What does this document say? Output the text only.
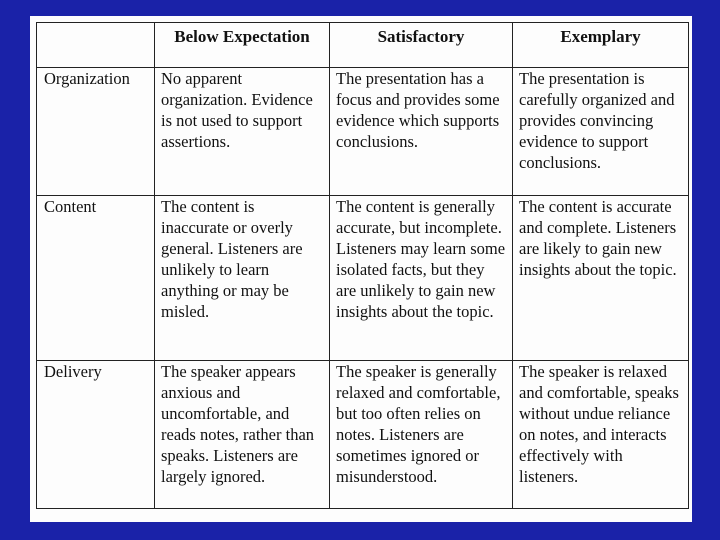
	Below Expectation	Satisfactory	Exemplary
Organization	No apparent organization. Evidence is not used to support assertions.	The presentation has a focus and provides some evidence which supports conclusions.	The presentation is carefully organized and provides convincing evidence to support conclusions.
Content	The content is inaccurate or overly general. Listeners are unlikely to learn anything or may be misled.	The content is generally accurate, but incomplete. Listeners may learn some isolated facts, but they are unlikely to gain new insights about the topic.	The content is accurate and complete. Listeners are likely to gain new insights about the topic.
Delivery	The speaker appears anxious and uncomfortable, and reads notes, rather than speaks. Listeners are largely ignored.	The speaker is generally relaxed and comfortable, but too often relies on notes. Listeners are sometimes ignored or misunderstood.	The speaker is relaxed and comfortable, speaks without undue reliance on notes, and interacts effectively with listeners.
